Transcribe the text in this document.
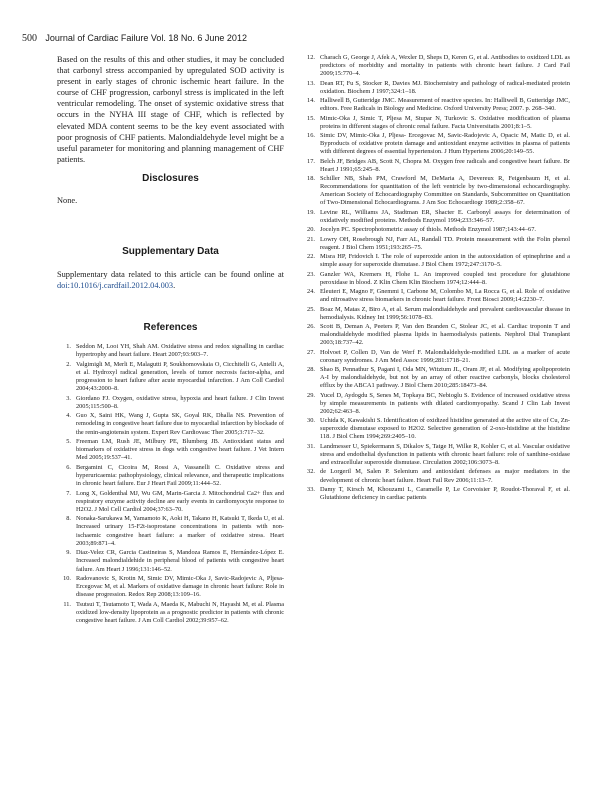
500 Journal of Cardiac Failure Vol. 18 No. 6 June 2012

Based on the results of this and other studies, it may be concluded that carbonyl stress accompanied by upregulated SOD activity is present in early stages of chronic ischemic heart failure. In the course of CHF progression, carbonyl stress is implicated in the left ventricular remodeling. The onset of systemic oxidative stress that occurs in the NYHA III stage of CHF, which is reflected by elevated MDA content seems to be the key event associated with poor prognosis of CHF patients. Malondialdehyde level might be a useful parameter for monitoring and planning management of CHF patients.

Disclosures

None.

Supplementary Data

Supplementary data related to this article can be found online at doi:10.1016/j.cardfail.2012.04.003.

References
1. Seddon M, Looi YH, Shah AM. Oxidative stress and redox signalling in cardiac hypertrophy and heart failure. Heart 2007;93:903–7.
2. Valgimigli M, Merli E, Malagutti P, Soukhomovskaia O, Cicchitelli G, Antelli A, et al. Hydroxyl radical generation, levels of tumor necrosis factor-alpha, and progression to heart failure after acute myocardial infarction. J Am Coll Cardiol 2004;43:2000–8.
3. Giordano FJ. Oxygen, oxidative stress, hypoxia and heart failure. J Clin Invest 2005;115:500–8.
4. Guo X, Saini HK, Wang J, Gupta SK, Goyal RK, Dhalla NS. Prevention of remodeling in congestive heart failure due to myocardial infarction by blockade of the renin-angiotensin system. Expert Rev Cardiovasc Ther 2005;3:717–32.
5. Freeman LM, Rush JE, Milbury PE, Blumberg JB. Antioxidant status and biomarkers of oxidative stress in dogs with congestive heart failure. J Vet Intern Med 2005;19:537–41.
6. Bergamini C, Cicoira M, Rossi A, Vassanelli C. Oxidative stress and hyperuricaemia: pathophysiology, clinical relevance, and therapeutic implications in chronic heart failure. Eur J Heart Fail 2009;11:444–52.
7. Long X, Goldenthal MJ, Wu GM, Marin-Garcia J. Mitochondrial Ca2+ flux and respiratory enzyme activity decline are early events in cardiomyocyte response to H2O2. J Mol Cell Cardiol 2004;37:63–70.
8. Nonaka-Sarukawa M, Yamamoto K, Aoki H, Takano H, Katsuki T, Ikeda U, et al. Increased urinary 15-F2t-isoprostane concentrations in patients with non-ischaemic congestive heart failure: a marker of oxidative stress. Heart 2003;89:871–4.
9. Diaz-Velez CR, Garcia Castineiras S, Mandoza Ramos E, Hernández-López E. Increased malondialdehide in peripheral blood of patients with congestive heart failure. Am Heart J 1996;131:146–52.
10. Radovanovic S, Krotin M, Simic DV, Mimic-Oka J, Savic-Radojevic A, Pljesa-Ercegovac M, et al. Markers of oxidative damage in chronic heart failure: Role in disease progression. Redox Rep 2008;13:109–16.
11. Tsutsui T, Tsutamoto T, Wada A, Maeda K, Mabuchi N, Hayashi M, et al. Plasma oxidized low-density lipoprotein as a prognostic predictor in patients with chronic congestive heart failure. J Am Coll Cardiol 2002;39:957–62.
12. Charach G, George J, Afek A, Wexler D, Sheps D, Keren G, et al. Antibodies to oxidized LDL as predictors of morbidity and mortality in patients with chronic heart failure. J Card Fail 2009;15:770–4.
13. Dean RT, Fu S, Stocker R, Davies MJ. Biochemistry and pathology of radical-mediated protein oxidation. Biochem J 1997;324:1–18.
14. Halliwell B, Gutteridge JMC. Measurement of reactive species. In: Halliwell B, Gutteridge JMC, editors. Free Radicals in Biology and Medicine. Oxford University Press; 2007. p. 268–340.
15. Mimic-Oka J, Simic T, Pljesa M, Stupar N, Turkovic S. Oxidative modification of plasma proteins in different stages of chronic renal failure. Facta Universitatis 2001;8:1–5.
16. Simic DV, Mimic-Oka J, Pljesa- Ercegovac M, Savic-Radojevic A, Opacic M, Matic D, et al. Byproducts of oxidative protein damage and antioxidant enzyme activities in plasma of patients with different degrees of essential hypertension. J Hum Hypertens 2006;20:149–55.
17. Belch JF, Bridges AB, Scott N, Chopra M. Oxygen free radicals and congestive heart failure. Br Heart J 1991;65:245–8.
18. Schiller NB, Shah PM, Crawford M, DeMaria A, Devereux R, Feigenbaum H, et al. Recommendations for quantitation of the left ventricle by two-dimensional echocardiography. American Society of Echocardiography Committee on Standards, Subcommittee on Quantitation of Two-Dimensional Echocardiograms. J Am Soc Echocardiogr 1989;2:358–67.
19. Levine RL, Williams JA, Stadtman ER, Shacter E. Carbonyl assays for determination of oxidatively modified proteins. Methods Enzymol 1994;233:346–57.
20. Jocelyn PC. Spectrophotometric assay of thiols. Methods Enzymol 1987;143:44–67.
21. Lowry OH, Rosebrough NJ, Farr AL, Randall TD. Protein measurement with the Folin phenol reagent. J Biol Chem 1951;193:265–75.
22. Misra HP, Fridovich I. The role of superoxide anion in the autooxidation of epinephrine and a simple assay for superoxide dismutase. J Biol Chem 1972;247:3170–5.
23. Ganzler WA, Kremers H, Flohe L. An improved coupled test procedure for glutathione peroxidase in blood. Z Klin Chem Klin Biochem 1974;12:444–8.
24. Eleuteri E, Magno F, Gnemmi I, Carbone M, Colombo M, La Rocca G, et al. Role of oxidative and nitrosative stress biomarkers in chronic heart failure. Front Biosci 2009;14:2230–7.
25. Boaz M, Matas Z, Biro A, et al. Serum malondialdehyde and prevalent cardiovascular disease in hemodialysis. Kidney Int 1999;56:1078–83.
26. Scott B, Deman A, Peeters P, Van den Branden C, Stolear JC, et al. Cardiac troponin T and malondialdehyde modified plasma lipids in haemodialysis patients. Nephrol Dial Transplant 2003;18:737–42.
27. Holvoet P, Collen D, Van de Werf F. Malondialdehyde-modified LDL as a marker of acute coronary syndromes. J Am Med Assoc 1999;281:1718–21.
28. Shao B, Pennathur S, Pagani I, Oda MN, Witztum JL, Oram JF, et al. Modifying apolipoprotein A-I by malondialdehyde, but not by an array of other reactive carbonyls, blocks cholesterol efflux by the ABCA1 pathway. J Biol Chem 2010;285:18473–84.
29. Yucel D, Aydogdu S, Senes M, Topkaya BC, Nebioglu S. Evidence of increased oxidative stress by simple measurements in patients with dilated cardiomyopathy. Scand J Clin Lab Invest 2002;62:463–8.
30. Uchida K, Kawakishi S. Identification of oxidized histidine generated at the active site of Cu, Zn-superoxide dismutase exposed to H2O2. Selective generation of 2-oxo-histidine at the histidine 118. J Biol Chem 1994;269:2405–10.
31. Landmesser U, Spiekermann S, Dikalov S, Tatge H, Wilke R, Kohler C, et al. Vascular oxidative stress and endothelial dysfunction in patients with chronic heart failure: role of xanthine-oxidase and extracellular superoxide dismutase. Circulation 2002;106:3073–8.
32. de Lorgeril M, Salen P. Selenium and antioxidant defenses as major mediators in the development of chronic heart failure. Heart Fail Rev 2006;11:13–7.
33. Damy T, Kirsch M, Khouzami L, Caramelle P, Le Corvoisier P, Roudot-Thoraval F, et al. Glutathione deficiency in cardiac patients
